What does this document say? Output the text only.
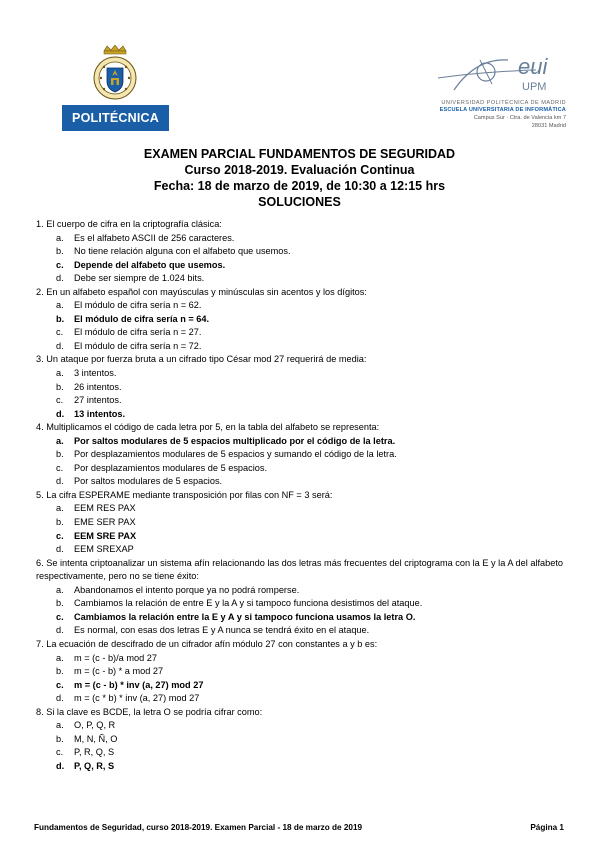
POLITÉCNICA
eui
UPM
UNIVERSIDAD POLITÉCNICA DE MADRID
ESCUELA UNIVERSITARIA DE INFORMÁTICA
Campus Sur · Ctra. de Valencia km 7
28031 Madrid
EXAMEN PARCIAL FUNDAMENTOS DE SEGURIDAD
Curso 2018-2019. Evaluación Continua
Fecha: 18 de marzo de 2019, de 10:30 a 12:15 hrs
SOLUCIONES
1. El cuerpo de cifra en la criptografía clásica:
a. Es el alfabeto ASCII de 256 caracteres.
b. No tiene relación alguna con el alfabeto que usemos.
c. Depende del alfabeto que usemos.
d. Debe ser siempre de 1.024 bits.
2. En un alfabeto español con mayúsculas y minúsculas sin acentos y los dígitos:
a. El módulo de cifra sería n = 62.
b. El módulo de cifra sería n = 64.
c. El módulo de cifra sería n = 27.
d. El módulo de cifra sería n = 72.
3. Un ataque por fuerza bruta a un cifrado tipo César mod 27 requerirá de media:
a. 3 intentos.
b. 26 intentos.
c. 27 intentos.
d. 13 intentos.
4. Multiplicamos el código de cada letra por 5, en la tabla del alfabeto se representa:
a. Por saltos modulares de 5 espacios multiplicado por el código de la letra.
b. Por desplazamientos modulares de 5 espacios y sumando el código de la letra.
c. Por desplazamientos modulares de 5 espacios.
d. Por saltos modulares de 5 espacios.
5. La cifra ESPERAME mediante transposición por filas con NF = 3 será:
a. EEM RES PAX
b. EME SER PAX
c. EEM SRE PAX
d. EEM SREXAP
6. Se intenta criptoanalizar un sistema afín relacionando las dos letras más frecuentes del criptograma con la E y la A del alfabeto respectivamente, pero no se tiene éxito:
a. Abandonamos el intento porque ya no podrá romperse.
b. Cambiamos la relación de entre E y la A y si tampoco funciona desistimos del ataque.
c. Cambiamos la relación entre la E y A y si tampoco funciona usamos la letra O.
d. Es normal, con esas dos letras E y A nunca se tendrá éxito en el ataque.
7. La ecuación de descifrado de un cifrador afín módulo 27 con constantes a y b es:
a. m = (c - b)/a mod 27
b. m = (c - b) * a mod 27
c. m = (c - b) * inv (a, 27) mod 27
d. m = (c * b) * inv (a, 27) mod 27
8. Si la clave es BCDE, la letra O se podría cifrar como:
a. O, P, Q, R
b. M, N, Ñ, O
c. P, R, Q, S
d. P, Q, R, S
Fundamentos de Seguridad, curso 2018-2019. Examen Parcial - 18 de marzo de 2019	Página 1
